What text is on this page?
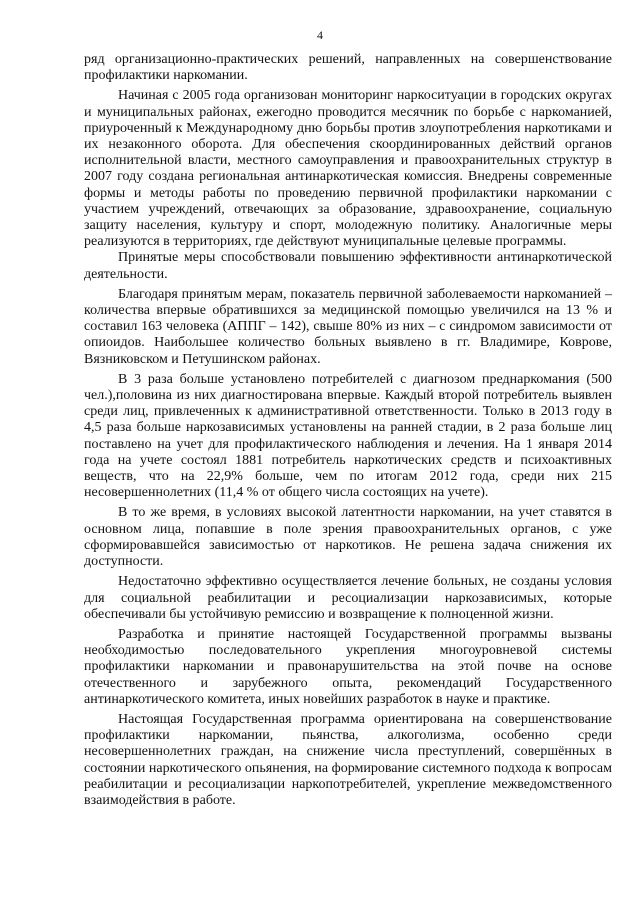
4

ряд организационно-практических решений, направленных на совершенствование профилактики наркомании.

Начиная с 2005 года организован мониторинг наркоситуации в городских округах и муниципальных районах, ежегодно проводится месячник по борьбе с наркоманией, приуроченный к Международному дню борьбы против злоупотребления наркотиками и их незаконного оборота. Для обеспечения скоординированных действий органов исполнительной власти, местного самоуправления и правоохранительных структур в 2007 году создана региональная антинаркотическая комиссия. Внедрены современные формы и методы работы по проведению первичной профилактики наркомании с участием учреждений, отвечающих за образование, здравоохранение, социальную защиту населения, культуру и спорт, молодежную политику. Аналогичные меры реализуются в территориях, где действуют муниципальные целевые программы.

Принятые меры способствовали повышению эффективности антинаркотической деятельности.

Благодаря принятым мерам, показатель первичной заболеваемости наркоманией – количества впервые обратившихся за медицинской помощью увеличился на 13 % и составил 163 человека (АППГ – 142), свыше 80% из них – с синдромом зависимости от опиоидов. Наибольшее количество больных выявлено в гг. Владимире, Коврове, Вязниковском и Петушинском районах.

В 3 раза больше установлено потребителей с диагнозом преднаркомания (500 чел.),половина из них диагностирована впервые. Каждый второй потребитель выявлен среди лиц, привлеченных к административной ответственности. Только в 2013 году в 4,5 раза больше наркозависимых установлены на ранней стадии, в 2 раза больше лиц поставлено на учет для профилактического наблюдения и лечения. На 1 января 2014 года на учете состоял 1881 потребитель наркотических средств и психоактивных веществ, что на 22,9% больше, чем по итогам 2012 года, среди них 215 несовершеннолетних (11,4 % от общего числа состоящих на учете).

В то же время, в условиях высокой латентности наркомании, на учет ставятся в основном лица, попавшие в поле зрения правоохранительных органов, с уже сформировавшейся зависимостью от наркотиков. Не решена задача снижения их доступности.

Недостаточно эффективно осуществляется лечение больных, не созданы условия для социальной реабилитации и ресоциализации наркозависимых, которые обеспечивали бы устойчивую ремиссию и возвращение к полноценной жизни.

Разработка и принятие настоящей Государственной программы вызваны необходимостью последовательного укрепления многоуровневой системы профилактики наркомании и правонарушительства на этой почве на основе отечественного и зарубежного опыта, рекомендаций Государственного антинаркотического комитета, иных новейших разработок в науке и практике.

Настоящая Государственная программа ориентирована на совершенствование профилактики наркомании, пьянства, алкоголизма, особенно среди несовершеннолетних граждан, на снижение числа преступлений, совершённых в состоянии наркотического опьянения, на формирование системного подхода к вопросам реабилитации и ресоциализации наркопотребителей, укрепление межведомственного взаимодействия в работе.
